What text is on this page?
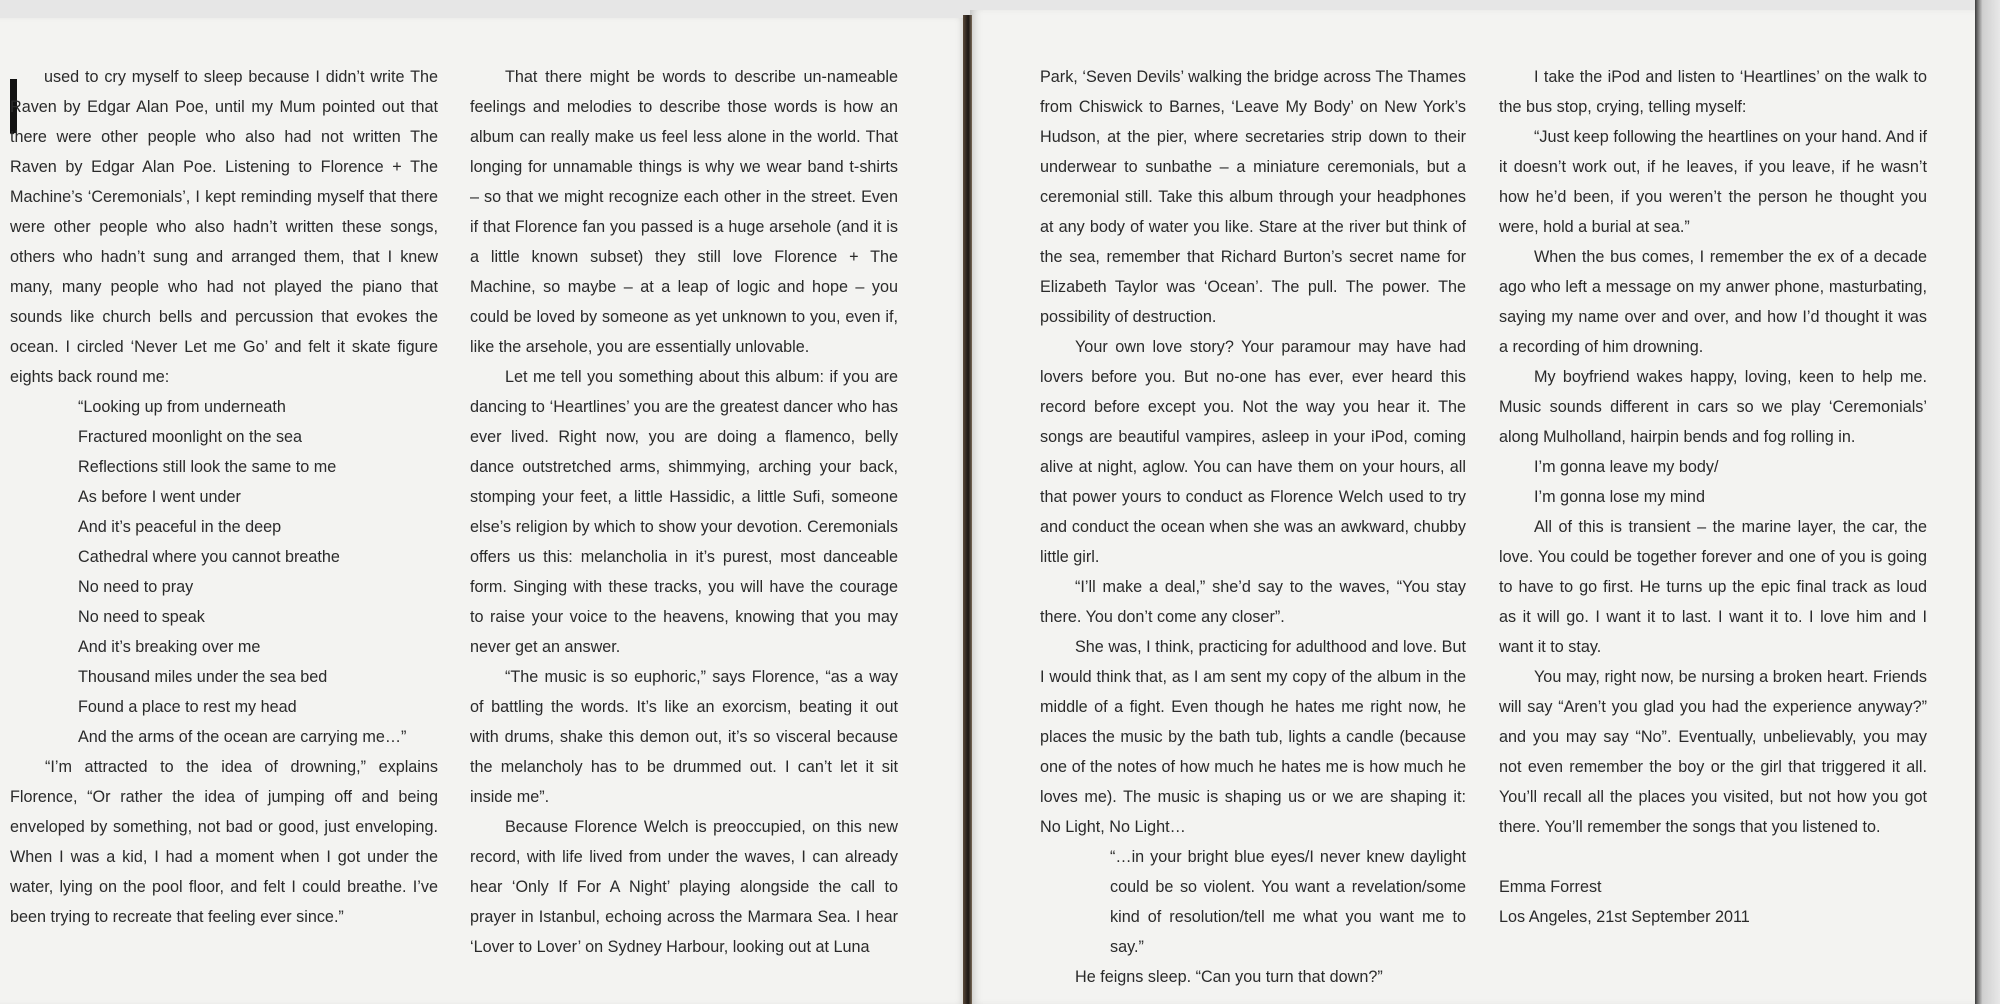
used to cry myself to sleep because I didn’t write The Raven by Edgar Alan Poe, until my Mum pointed out that there were other people who also had not written The Raven by Edgar Alan Poe. Listening to Florence + The Machine’s ‘Ceremonials’, I kept reminding myself that there were other people who also hadn’t written these songs, others who hadn’t sung and arranged them, that I knew many, many people who had not played the piano that sounds like church bells and percussion that evokes the ocean. I circled ‘Never Let me Go’ and felt it skate figure eights back round me:

“Looking up from underneath
Fractured moonlight on the sea
Reflections still look the same to me
As before I went under
And it’s peaceful in the deep
Cathedral where you cannot breathe
No need to pray
No need to speak
And it’s breaking over me
Thousand miles under the sea bed
Found a place to rest my head
And the arms of the ocean are carrying me…”

“I’m attracted to the idea of drowning,” explains Florence, “Or rather the idea of jumping off and being enveloped by something, not bad or good, just enveloping. When I was a kid, I had a moment when I got under the water, lying on the pool floor, and felt I could breathe. I’ve been trying to recreate that feeling ever since.”

That there might be words to describe un-nameable feelings and melodies to describe those words is how an album can really make us feel less alone in the world. That longing for unnamable things is why we wear band t-shirts – so that we might recognize each other in the street. Even if that Florence fan you passed is a huge arsehole (and it is a little known subset) they still love Florence + The Machine, so maybe – at a leap of logic and hope – you could be loved by someone as yet unknown to you, even if, like the arsehole, you are essentially unlovable.

Let me tell you something about this album: if you are dancing to ‘Heartlines’ you are the greatest dancer who has ever lived. Right now, you are doing a flamenco, belly dance outstretched arms, shimmying, arching your back, stomping your feet, a little Hassidic, a little Sufi, someone else’s religion by which to show your devotion. Ceremonials offers us this: melancholia in it’s purest, most danceable form. Singing with these tracks, you will have the courage to raise your voice to the heavens, knowing that you may never get an answer.

“The music is so euphoric,” says Florence, “as a way of battling the words. It’s like an exorcism, beating it out with drums, shake this demon out, it’s so visceral because the melancholy has to be drummed out. I can’t let it sit inside me”.

Because Florence Welch is preoccupied, on this new record, with life lived from under the waves, I can already hear ‘Only If For A Night’ playing alongside the call to prayer in Istanbul, echoing across the Marmara Sea. I hear ‘Lover to Lover’ on Sydney Harbour, looking out at Luna

Park, ‘Seven Devils’ walking the bridge across The Thames from Chiswick to Barnes, ‘Leave My Body’ on New York’s Hudson, at the pier, where secretaries strip down to their underwear to sunbathe – a miniature ceremonials, but a ceremonial still. Take this album through your headphones at any body of water you like. Stare at the river but think of the sea, remember that Richard Burton’s secret name for Elizabeth Taylor was ‘Ocean’. The pull. The power. The possibility of destruction.

Your own love story? Your paramour may have had lovers before you. But no-one has ever, ever heard this record before except you. Not the way you hear it. The songs are beautiful vampires, asleep in your iPod, coming alive at night, aglow. You can have them on your hours, all that power yours to conduct as Florence Welch used to try and conduct the ocean when she was an awkward, chubby little girl.

“I’ll make a deal,” she’d say to the waves, “You stay there. You don’t come any closer”.

She was, I think, practicing for adulthood and love. But I would think that, as I am sent my copy of the album in the middle of a fight. Even though he hates me right now, he places the music by the bath tub, lights a candle (because one of the notes of how much he hates me is how much he loves me). The music is shaping us or we are shaping it: No Light, No Light…

“…in your bright blue eyes/I never knew daylight could be so violent. You want a revelation/some kind of resolution/tell me what you want me to say.”

He feigns sleep. “Can you turn that down?”

I take the iPod and listen to ‘Heartlines’ on the walk to the bus stop, crying, telling myself:

“Just keep following the heartlines on your hand. And if it doesn’t work out, if he leaves, if you leave, if he wasn’t how he’d been, if you weren’t the person he thought you were, hold a burial at sea.”

When the bus comes, I remember the ex of a decade ago who left a message on my anwer phone, masturbating, saying my name over and over, and how I’d thought it was a recording of him drowning.

My boyfriend wakes happy, loving, keen to help me. Music sounds different in cars so we play ‘Ceremonials’ along Mulholland, hairpin bends and fog rolling in.

I’m gonna leave my body/

I’m gonna lose my mind

All of this is transient – the marine layer, the car, the love. You could be together forever and one of you is going to have to go first. He turns up the epic final track as loud as it will go. I want it to last. I want it to. I love him and I want it to stay.

You may, right now, be nursing a broken heart. Friends will say “Aren’t you glad you had the experience anyway?” and you may say “No”. Eventually, unbelievably, you may not even remember the boy or the girl that triggered it all. You’ll recall all the places you visited, but not how you got there. You’ll remember the songs that you listened to.

Emma Forrest
Los Angeles, 21st September 2011
